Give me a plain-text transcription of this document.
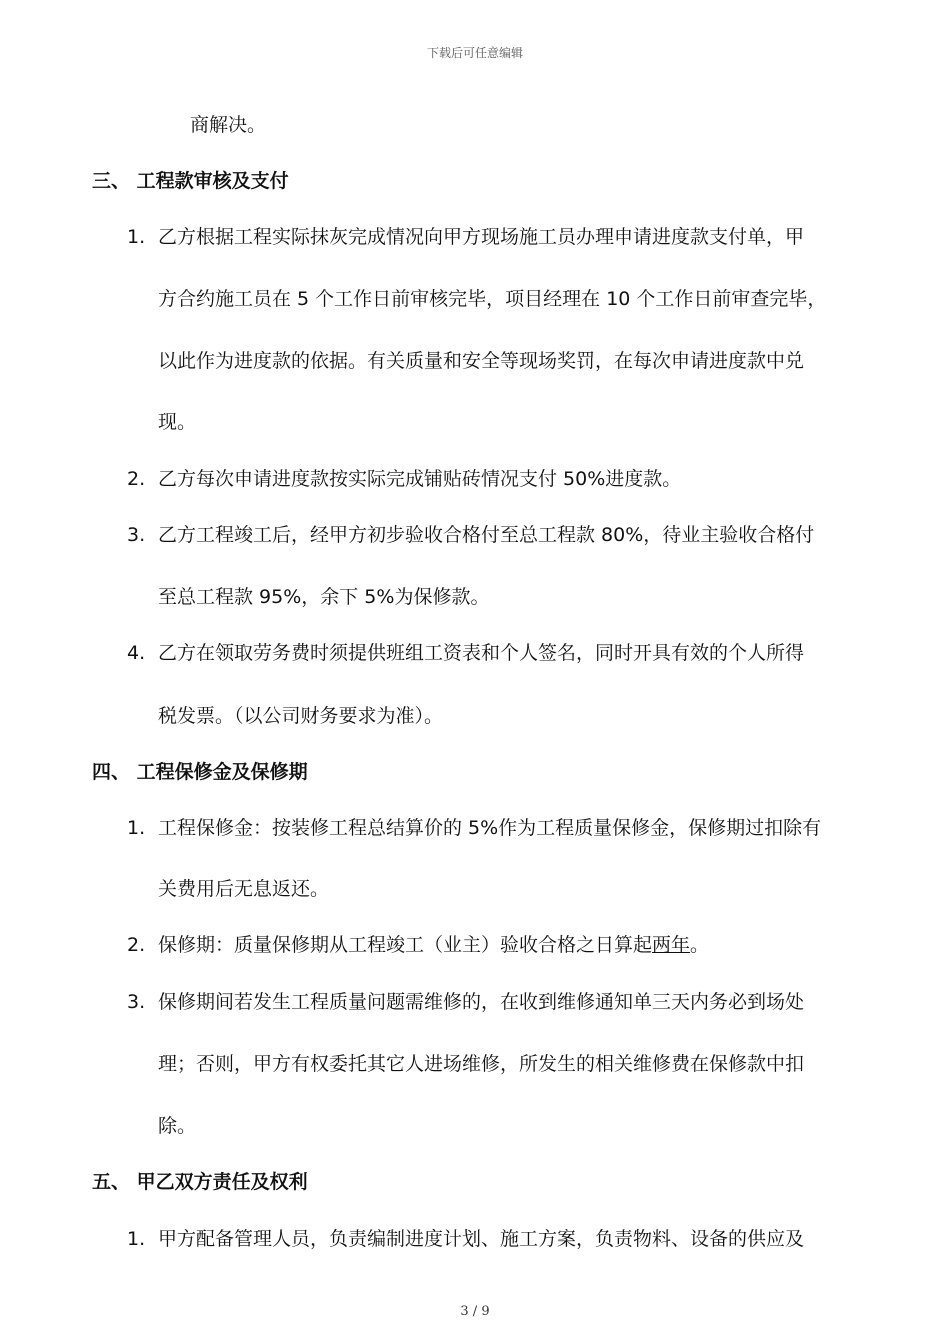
下载后可任意编辑
商解决。
三、 工程款审核及支付
1. 乙方根据工程实际抹灰完成情况向甲方现场施工员办理申请进度款支付单，甲
方合约施工员在 5 个工作日前审核完毕，项目经理在 10 个工作日前审查完毕，
以此作为进度款的依据。有关质量和安全等现场奖罚，在每次申请进度款中兑
现。
2. 乙方每次申请进度款按实际完成铺贴砖情况支付 50%进度款。
3. 乙方工程竣工后，经甲方初步验收合格付至总工程款 80%，待业主验收合格付
至总工程款 95%，余下 5%为保修款。
4. 乙方在领取劳务费时须提供班组工资表和个人签名，同时开具有效的个人所得
税发票。（以公司财务要求为准）。
四、 工程保修金及保修期
1. 工程保修金：按装修工程总结算价的 5%作为工程质量保修金，保修期过扣除有
关费用后无息返还。
2. 保修期：质量保修期从工程竣工（业主）验收合格之日算起两年。
3. 保修期间若发生工程质量问题需维修的，在收到维修通知单三天内务必到场处
理；否则，甲方有权委托其它人进场维修，所发生的相关维修费在保修款中扣
除。
五、 甲乙双方责任及权利
1. 甲方配备管理人员，负责编制进度计划、施工方案，负责物料、设备的供应及
3 / 9
